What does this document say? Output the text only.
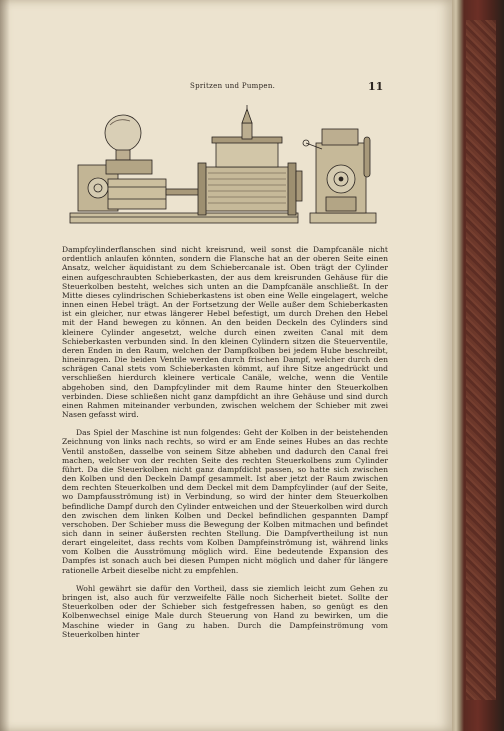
Spritzen und Pumpen.	11

Dampfcylinderflanschen sind nicht kreisrund, weil sonst die Dampfcanäle nicht ordentlich anlaufen könnten, sondern die Flansche hat an der oberen Seite einen Ansatz, welcher äquidistant zu dem Schiebercanale ist. Oben trägt der Cylinder einen aufgeschraubten Schieberkasten, der aus dem kreisrunden Gehäuse für die Steuerkolben besteht, welches sich unten an die Dampfcanäle anschließt. In der Mitte dieses cylindrischen Schieberkastens ist oben eine Welle eingelagert, welche innen einen Hebel trägt. An der Fortsetzung der Welle außer dem Schieberkasten ist ein gleicher, nur etwas längerer Hebel befestigt, um durch Drehen den Hebel mit der Hand bewegen zu können. An den beiden Deckeln des Cylinders sind kleinere Cylinder angesetzt, welche durch einen zweiten Canal mit dem Schieberkasten verbunden sind. In den kleinen Cylindern sitzen die Steuerventile, deren Enden in den Raum, welchen der Dampfkolben bei jedem Hube beschreibt, hineinragen. Die beiden Ventile werden durch frischen Dampf, welcher durch den schrägen Canal stets vom Schieberkasten kömmt, auf ihre Sitze angedrückt und verschließen hierdurch kleinere verticale Canäle, welche, wenn die Ventile abgehoben sind, den Dampfcylinder mit dem Raume hinter den Steuerkolben verbinden. Diese schließen nicht ganz dampfdicht an ihre Gehäuse und sind durch einen Rahmen miteinander verbunden, zwischen welchem der Schieber mit zwei Nasen gefasst wird.

Das Spiel der Maschine ist nun folgendes: Geht der Kolben in der beistehenden Zeichnung von links nach rechts, so wird er am Ende seines Hubes an das rechte Ventil anstoßen, dasselbe von seinem Sitze abheben und dadurch den Canal frei machen, welcher von der rechten Seite des rechten Steuerkolbens zum Cylinder führt. Da die Steuerkolben nicht ganz dampfdicht passen, so hatte sich zwischen den Kolben und den Deckeln Dampf gesammelt. Ist aber jetzt der Raum zwischen dem rechten Steuerkolben und dem Deckel mit dem Dampfcylinder (auf der Seite, wo Dampfausströmung ist) in Verbindung, so wird der hinter dem Steuerkolben befindliche Dampf durch den Cylinder entweichen und der Steuerkolben wird durch den zwischen dem linken Kolben und Deckel befindlichen gespannten Dampf verschoben. Der Schieber muss die Bewegung der Kolben mitmachen und befindet sich dann in seiner äußersten rechten Stellung. Die Dampfvertheilung ist nun derart eingeleitet, dass rechts vom Kolben Dampfeinströmung ist, während links vom Kolben die Ausströmung möglich wird. Eine bedeutende Expansion des Dampfes ist sonach auch bei diesen Pumpen nicht möglich und daher für längere rationelle Arbeit dieselbe nicht zu empfehlen.

Wohl gewährt sie dafür den Vortheil, dass sie ziemlich leicht zum Gehen zu bringen ist, also auch für verzweifelte Fälle noch Sicherheit bietet. Sollte der Steuerkolben oder der Schieber sich festgefressen haben, so genügt es den Kolbenwechsel einige Male durch Steuerung von Hand zu bewirken, um die Maschine wieder in Gang zu haben. Durch die Dampfeinströmung vom Steuerkolben hinter
